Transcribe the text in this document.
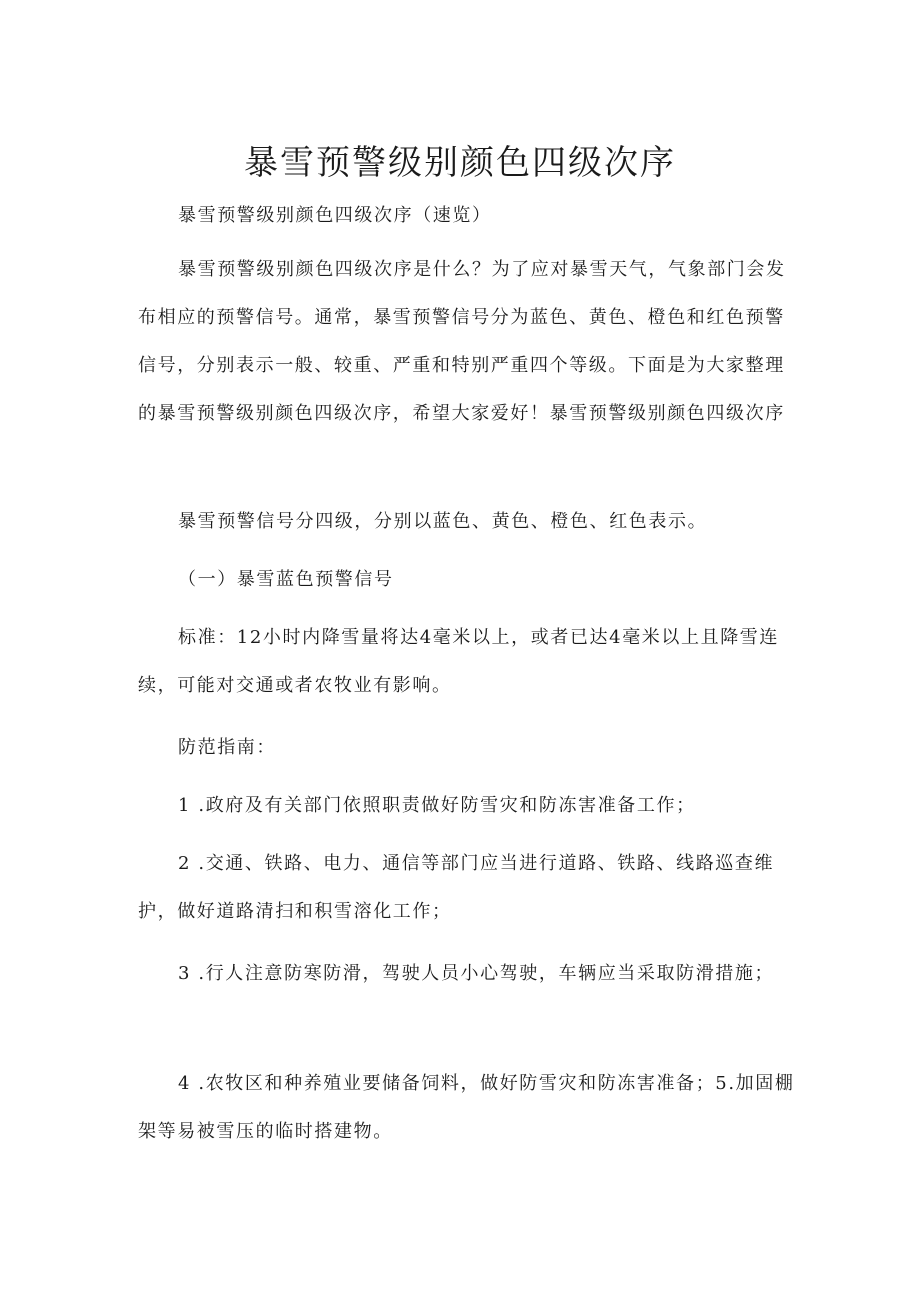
暴雪预警级别颜色四级次序

暴雪预警级别颜色四级次序（速览）

暴雪预警级别颜色四级次序是什么？为了应对暴雪天气，气象部门会发布相应的预警信号。通常，暴雪预警信号分为蓝色、黄色、橙色和红色预警信号，分别表示一般、较重、严重和特别严重四个等级。下面是为大家整理的暴雪预警级别颜色四级次序，希望大家爱好！暴雪预警级别颜色四级次序

暴雪预警信号分四级，分别以蓝色、黄色、橙色、红色表示。

（一）暴雪蓝色预警信号

标准：12小时内降雪量将达4毫米以上，或者已达4毫米以上且降雪连续，可能对交通或者农牧业有影响。

防范指南：

1 .政府及有关部门依照职责做好防雪灾和防冻害准备工作；

2 .交通、铁路、电力、通信等部门应当进行道路、铁路、线路巡查维护，做好道路清扫和积雪溶化工作；

3 .行人注意防寒防滑，驾驶人员小心驾驶，车辆应当采取防滑措施；

4 .农牧区和种养殖业要储备饲料，做好防雪灾和防冻害准备；5.加固棚架等易被雪压的临时搭建物。
